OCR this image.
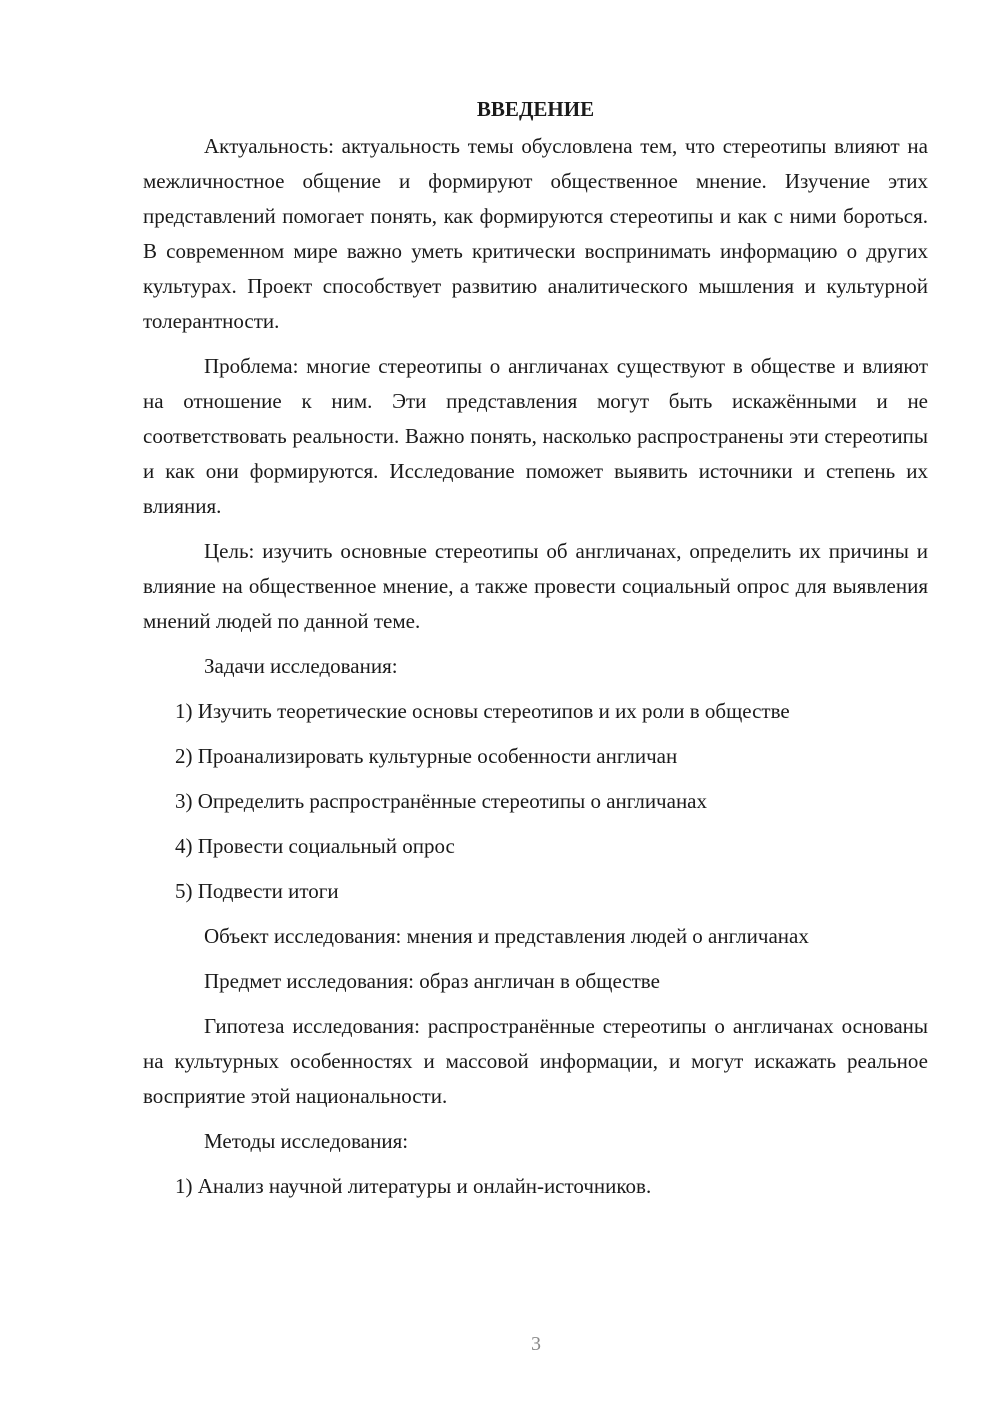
ВВЕДЕНИЕ

Актуальность: актуальность темы обусловлена тем, что стереотипы влияют на межличностное общение и формируют общественное мнение. Изучение этих представлений помогает понять, как формируются стереотипы и как с ними бороться. В современном мире важно уметь критически воспринимать информацию о других культурах. Проект способствует развитию аналитического мышления и культурной толерантности.

Проблема: многие стереотипы о англичанах существуют в обществе и влияют на отношение к ним. Эти представления могут быть искажёнными и не соответствовать реальности. Важно понять, насколько распространены эти стереотипы и как они формируются. Исследование поможет выявить источники и степень их влияния.

Цель: изучить основные стереотипы об англичанах, определить их причины и влияние на общественное мнение, а также провести социальный опрос для выявления мнений людей по данной теме.

Задачи исследования:

1) Изучить теоретические основы стереотипов и их роли в обществе
2) Проанализировать культурные особенности англичан
3) Определить распространённые стереотипы о англичанах
4) Провести социальный опрос
5) Подвести итоги

Объект исследования: мнения и представления людей о англичанах

Предмет исследования: образ англичан в обществе

Гипотеза исследования: распространённые стереотипы о англичанах основаны на культурных особенностях и массовой информации, и могут искажать реальное восприятие этой национальности.

Методы исследования:

1) Анализ научной литературы и онлайн-источников.
3
